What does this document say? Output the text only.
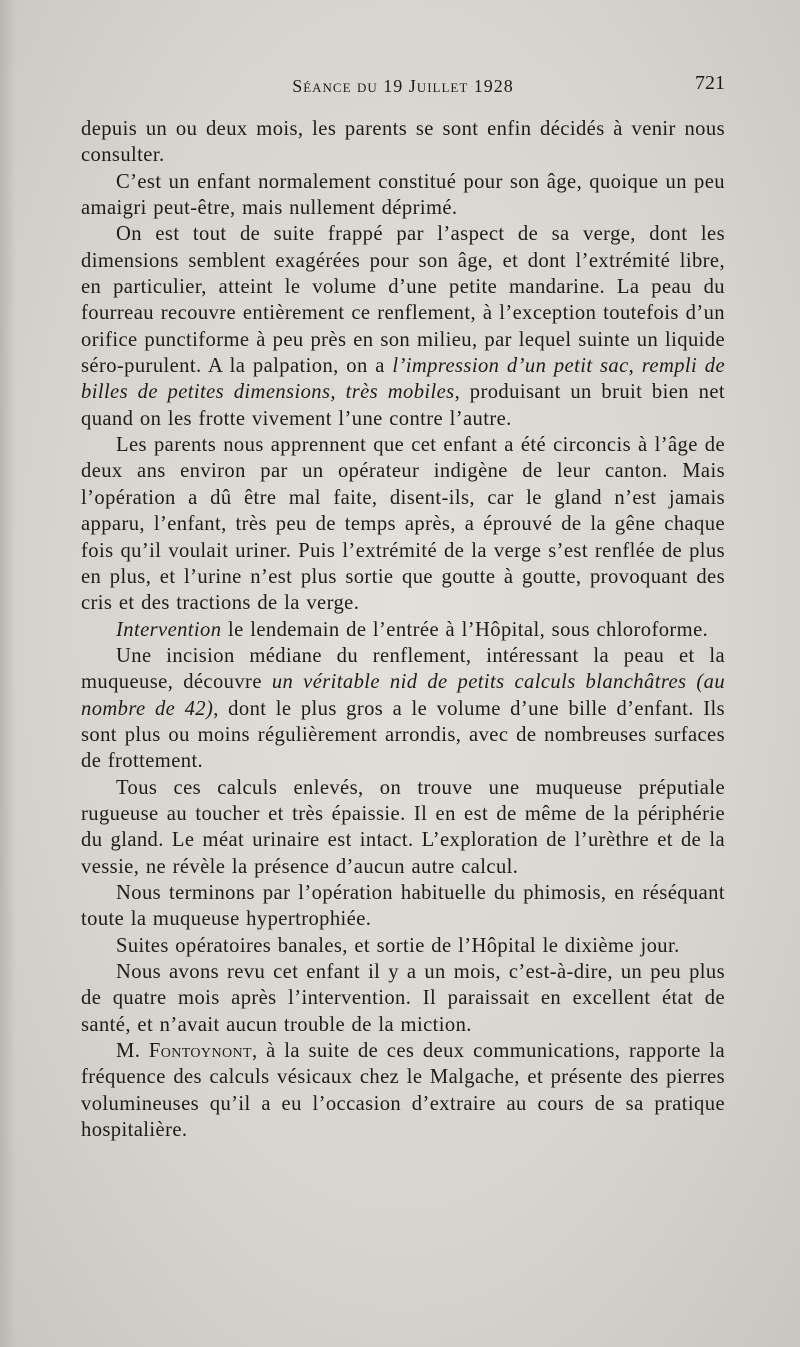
Séance du 19 Juillet 1928	721

depuis un ou deux mois, les parents se sont enfin décidés à venir nous consulter.

C’est un enfant normalement constitué pour son âge, quoique un peu amaigri peut-être, mais nullement déprimé.

On est tout de suite frappé par l’aspect de sa verge, dont les dimensions semblent exagérées pour son âge, et dont l’extrémité libre, en particulier, atteint le volume d’une petite mandarine. La peau du fourreau recouvre entièrement ce renflement, à l’exception toutefois d’un orifice punctiforme à peu près en son milieu, par lequel suinte un liquide séro-purulent. A la palpation, on a l’impression d’un petit sac, rempli de billes de petites dimensions, très mobiles, produisant un bruit bien net quand on les frotte vivement l’une contre l’autre.

Les parents nous apprennent que cet enfant a été circoncis à l’âge de deux ans environ par un opérateur indigène de leur canton. Mais l’opération a dû être mal faite, disent-ils, car le gland n’est jamais apparu, l’enfant, très peu de temps après, a éprouvé de la gêne chaque fois qu’il voulait uriner. Puis l’extrémité de la verge s’est renflée de plus en plus, et l’urine n’est plus sortie que goutte à goutte, provoquant des cris et des tractions de la verge.

Intervention le lendemain de l’entrée à l’Hôpital, sous chloroforme.

Une incision médiane du renflement, intéressant la peau et la muqueuse, découvre un véritable nid de petits calculs blanchâtres (au nombre de 42), dont le plus gros a le volume d’une bille d’enfant. Ils sont plus ou moins régulièrement arrondis, avec de nombreuses surfaces de frottement.

Tous ces calculs enlevés, on trouve une muqueuse préputiale rugueuse au toucher et très épaissie. Il en est de même de la périphérie du gland. Le méat urinaire est intact. L’exploration de l’urèthre et de la vessie, ne révèle la présence d’aucun autre calcul.

Nous terminons par l’opération habituelle du phimosis, en réséquant toute la muqueuse hypertrophiée.

Suites opératoires banales, et sortie de l’Hôpital le dixième jour.

Nous avons revu cet enfant il y a un mois, c’est-à-dire, un peu plus de quatre mois après l’intervention. Il paraissait en excellent état de santé, et n’avait aucun trouble de la miction.

M. Fontoynont, à la suite de ces deux communications, rapporte la fréquence des calculs vésicaux chez le Malgache, et présente des pierres volumineuses qu’il a eu l’occasion d’extraire au cours de sa pratique hospitalière.
